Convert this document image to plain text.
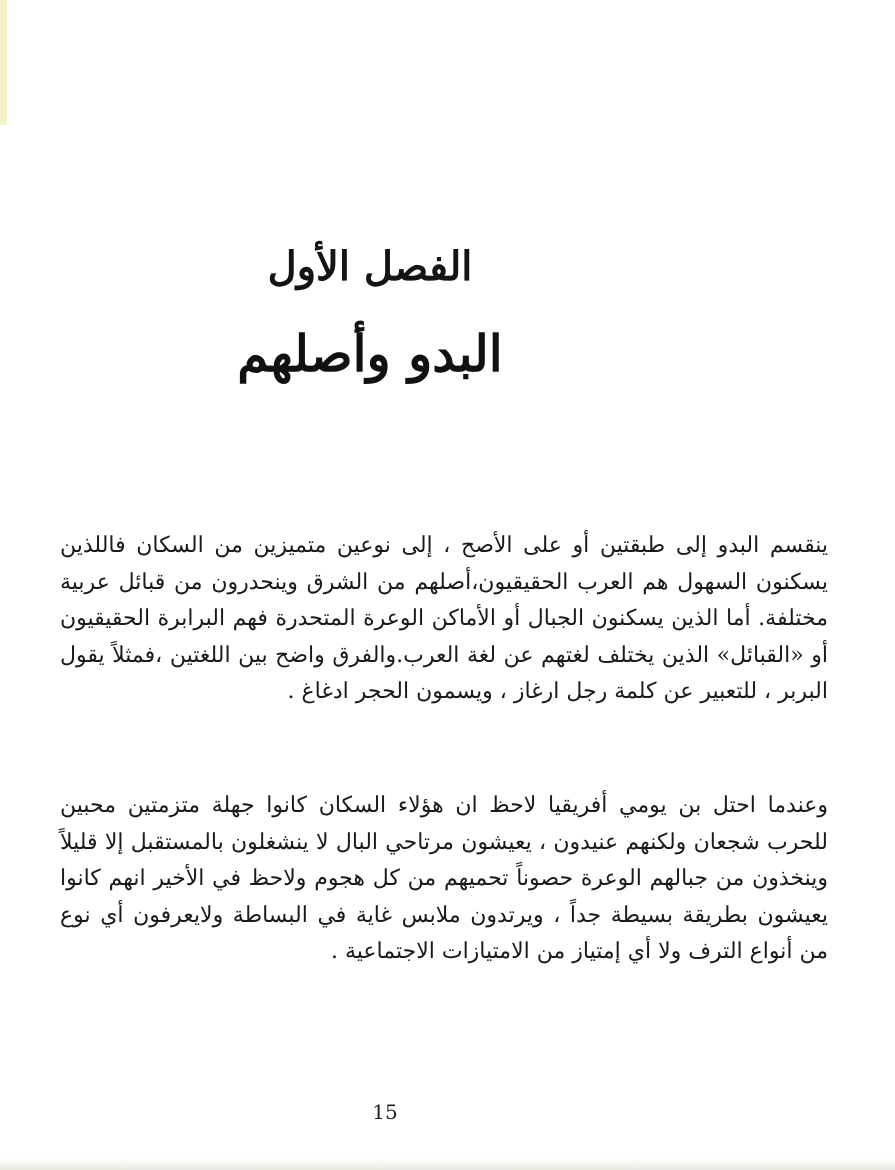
الفصل الأول
البدو وأصلهم

ينقسم البدو إلى طبقتين أو على الأصح ، إلى نوعين متميزين من السكان فاللذين يسكنون السهول هم العرب الحقيقيون،أصلهم من الشرق وينحدرون من قبائل عربية مختلفة. أما الذين يسكنون الجبال أو الأماكن الوعرة المتحدرة فهم البرابرة الحقيقيون أو «القبائل» الذين يختلف لغتهم عن لغة العرب.والفرق واضح بين اللغتين ،فمثلاً يقول البربر ، للتعبير عن كلمة رجل ارغاز ، ويسمون الحجر ادغاغ .

وعندما احتل بن يومي أفريقيا لاحظ ان هؤلاء السكان كانوا جهلة متزمتين محبين للحرب شجعان ولكنهم عنيدون ، يعيشون مرتاحي البال لا ينشغلون بالمستقبل إلا قليلاً وينخذون من جبالهم الوعرة حصوناً تحميهم من كل هجوم ولاحظ في الأخير انهم كانوا يعيشون بطريقة بسيطة جداً ، ويرتدون ملابس غاية في البساطة ولايعرفون أي نوع من أنواع الترف ولا أي إمتياز من الامتيازات الاجتماعية .

15
